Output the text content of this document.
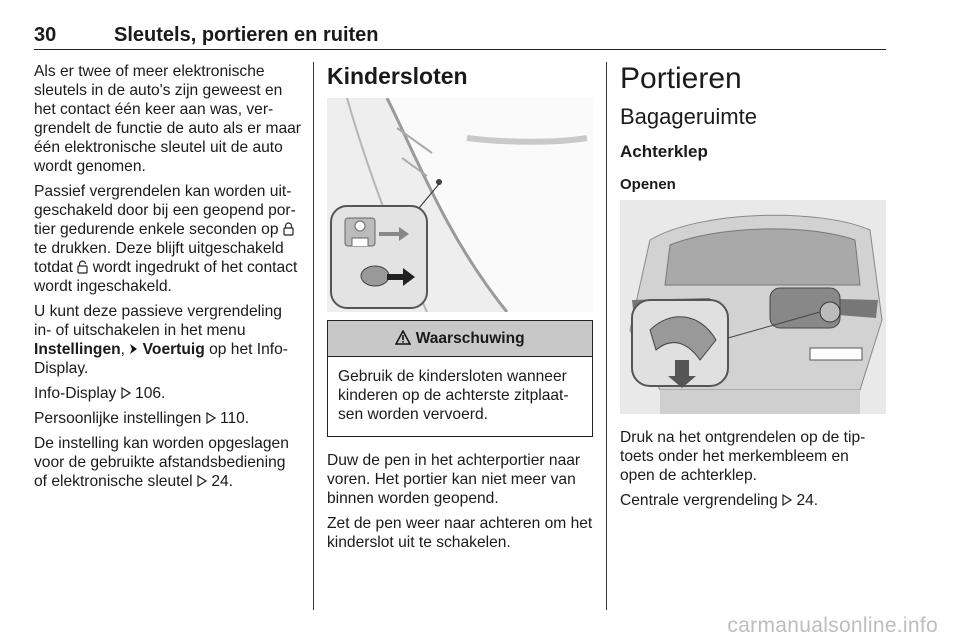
30	Sleutels, portieren en ruiten

Als er twee of meer elektronische sleutels in de auto's zijn geweest en het contact één keer aan was, vergrendelt de functie de auto als er maar één elektronische sleutel uit de auto wordt genomen.

Passief vergrendelen kan worden uitgeschakeld door bij een geopend portier gedurende enkele seconden op  te drukken. Deze blijft uitgeschakeld totdat wordt ingedrukt of het contact wordt ingeschakeld.

U kunt deze passieve vergrendeling in- of uitschakelen in het menu Instellingen,  Voertuig op het Info-Display.

Info-Display 106.

Persoonlijke instellingen 110.

De instelling kan worden opgeslagen voor de gebruikte afstandsbediening of elektronische sleutel 24.

Kindersloten
Waarschuwing
Gebruik de kindersloten wanneer kinderen op de achterste zitplaatsen worden vervoerd.

Duw de pen in het achterportier naar voren. Het portier kan niet meer van binnen worden geopend.

Zet de pen weer naar achteren om het kinderslot uit te schakelen.

Portieren
Bagageruimte
Achterklep
Openen

Druk na het ontgrendelen op de tiptoets onder het merkembleem en open de achterklep.

Centrale vergrendeling 24.

carmanualsonline.info
